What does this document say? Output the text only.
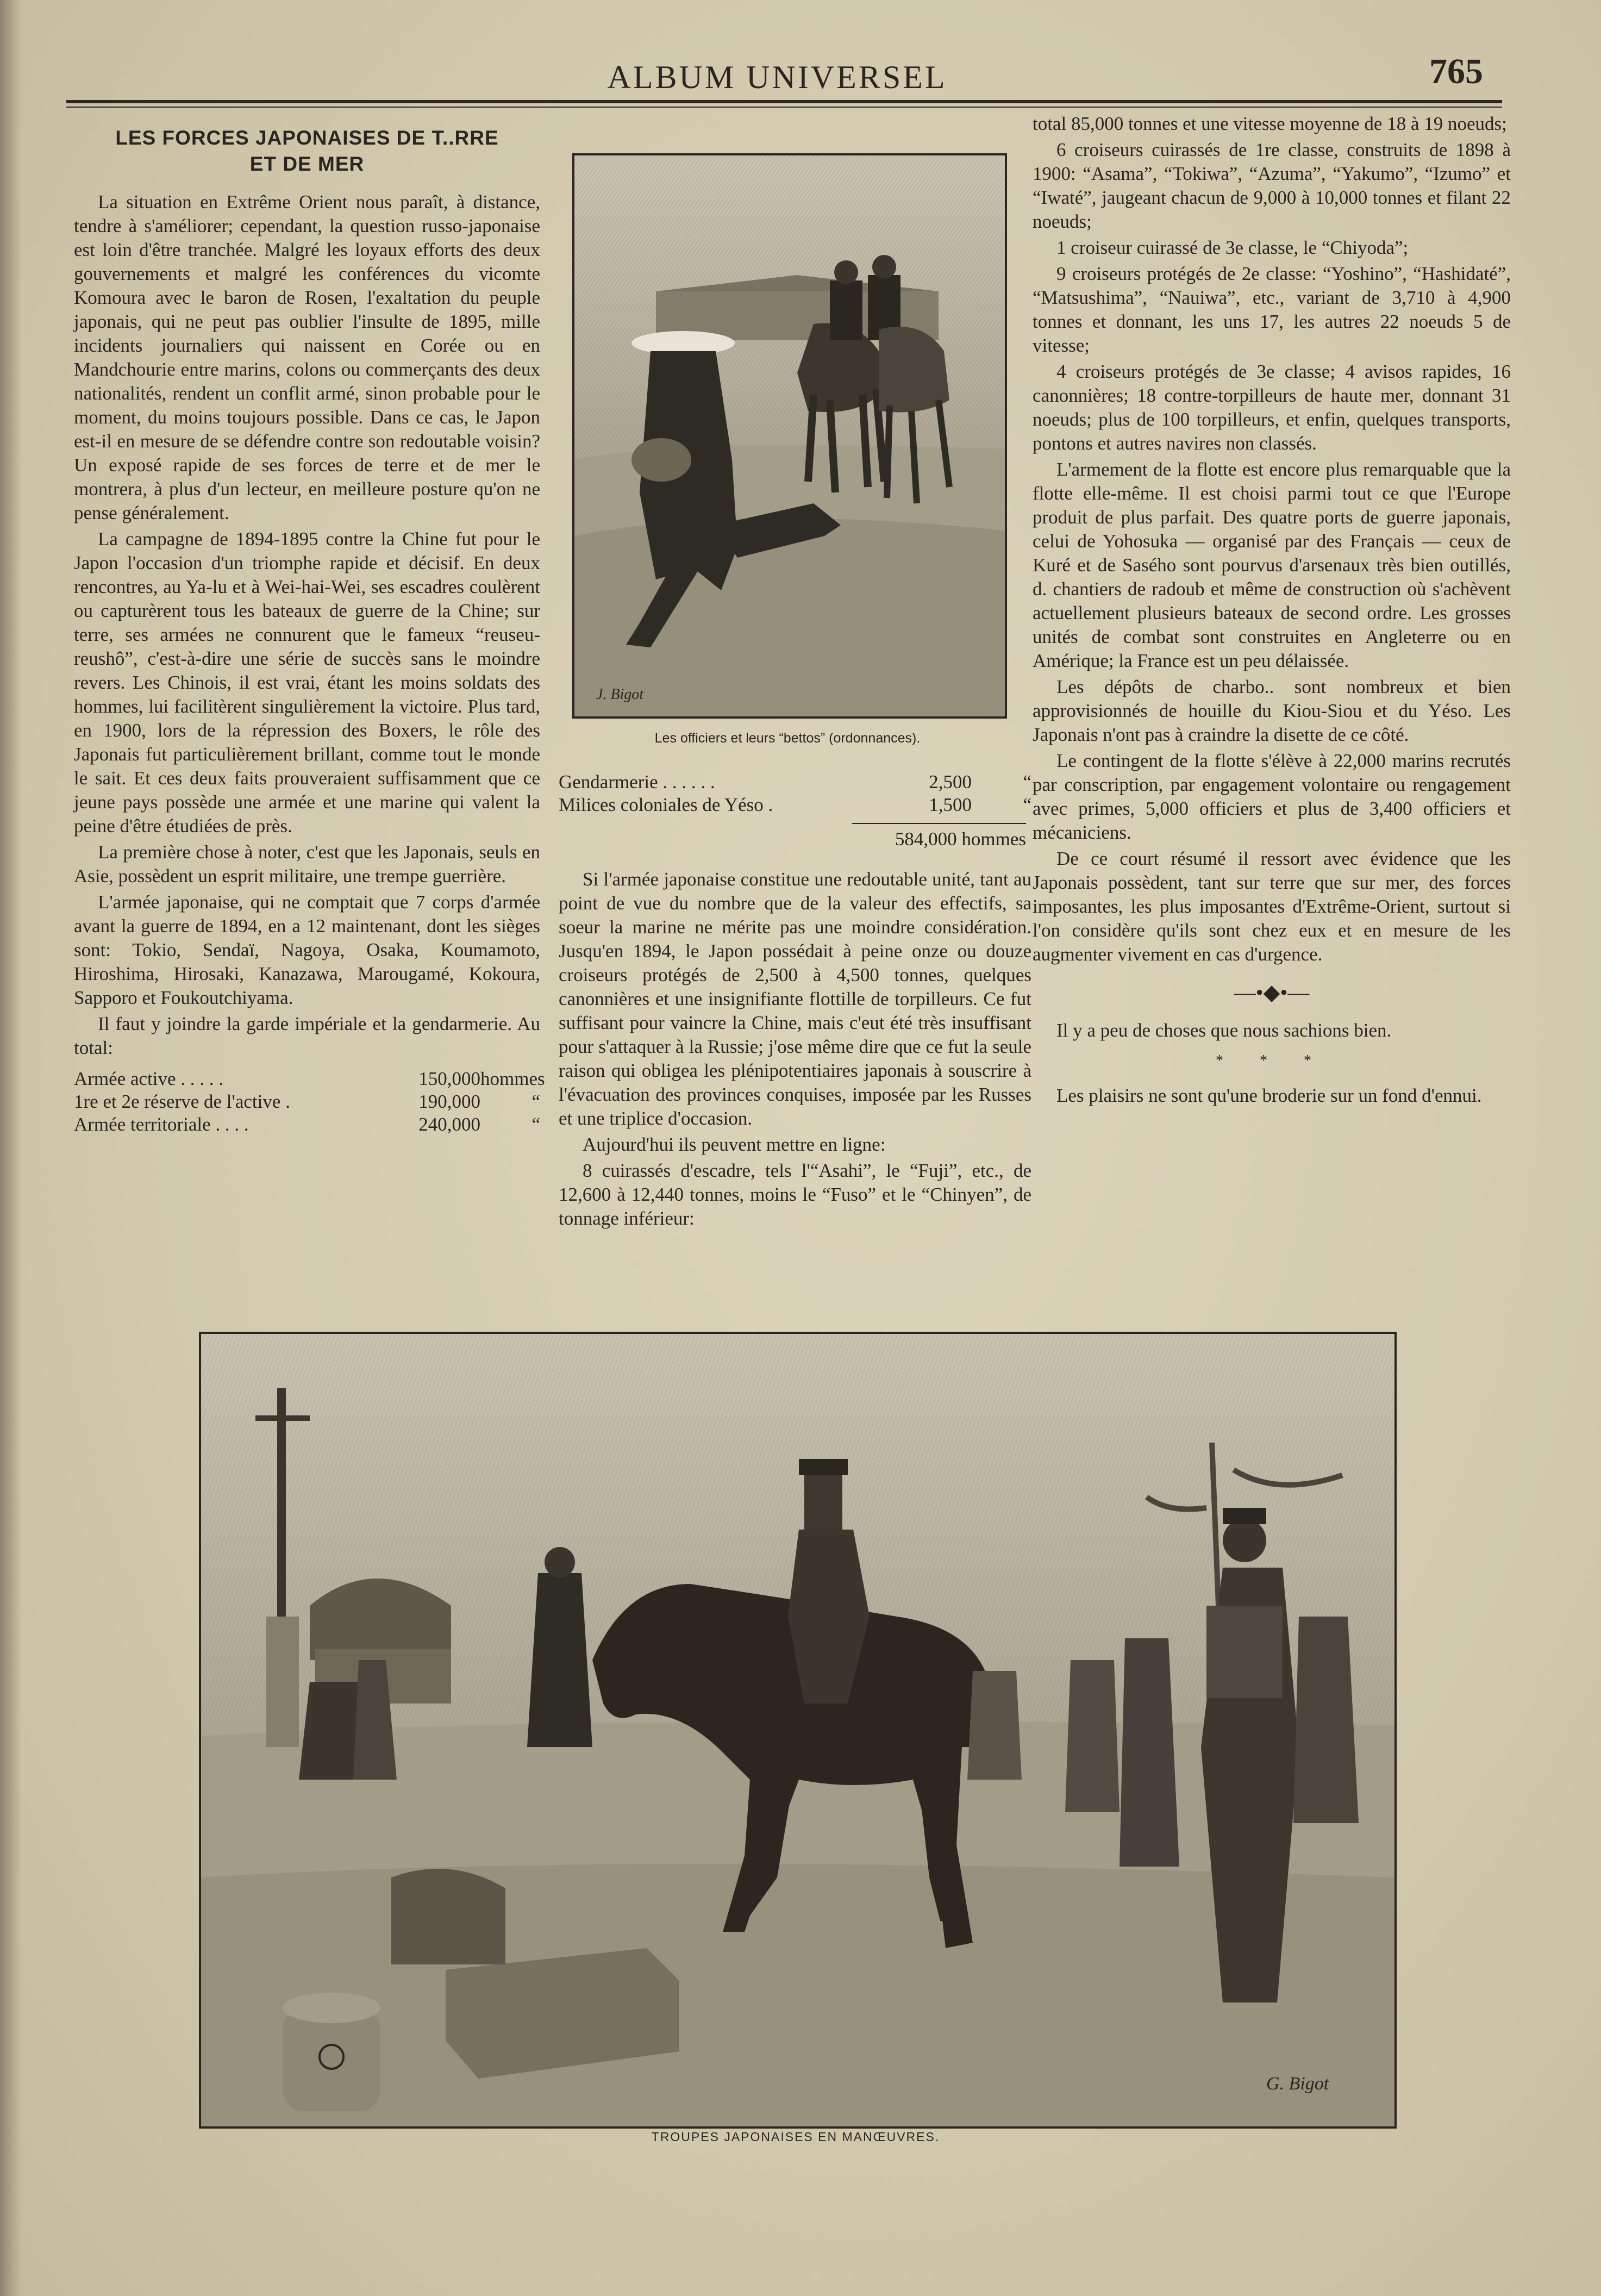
ALBUM UNIVERSEL	765
LES FORCES JAPONAISES DE T..RRE
ET DE MER

La situation en Extrême Orient nous paraît, à distance, tendre à s'améliorer; cependant, la question russo-japonaise est loin d'être tranchée. Malgré les loyaux efforts des deux gouvernements et malgré les conférences du vicomte Komoura avec le baron de Rosen, l'exaltation du peuple japonais, qui ne peut pas oublier l'insulte de 1895, mille incidents journaliers qui naissent en Corée ou en Mandchourie entre marins, colons ou commerçants des deux nationalités, rendent un conflit armé, sinon probable pour le moment, du moins toujours possible. Dans ce cas, le Japon est-il en mesure de se défendre contre son redoutable voisin? Un exposé rapide de ses forces de terre et de mer le montrera, à plus d'un lecteur, en meilleure posture qu'on ne pense généralement.

La campagne de 1894-1895 contre la Chine fut pour le Japon l'occasion d'un triomphe rapide et décisif. En deux rencontres, au Ya-lu et à Wei-hai-Wei, ses escadres coulèrent ou capturèrent tous les bateaux de guerre de la Chine; sur terre, ses armées ne connurent que le fameux “reuseu-reushô”, c'est-à-dire une série de succès sans le moindre revers. Les Chinois, il est vrai, étant les moins soldats des hommes, lui facilitèrent singulièrement la victoire. Plus tard, en 1900, lors de la répression des Boxers, le rôle des Japonais fut particulièrement brillant, comme tout le monde le sait. Et ces deux faits prouveraient suffisamment que ce jeune pays possède une armée et une marine qui valent la peine d'être étudiées de près.

La première chose à noter, c'est que les Japonais, seuls en Asie, possèdent un esprit militaire, une trempe guerrière.

L'armée japonaise, qui ne comptait que 7 corps d'armée avant la guerre de 1894, en a 12 maintenant, dont les sièges sont: Tokio, Sendaï, Nagoya, Osaka, Koumamoto, Hiroshima, Hirosaki, Kanazawa, Marougamé, Kokoura, Sapporo et Foukoutchiyama.

Il faut y joindre la garde impériale et la gendarmerie. Au total:

Armée active . . . . .	150,000 hommes
1re et 2e réserve de l'active .	190,000	“
Armée territoriale . . . .	240,000	“
J. Bigot
Les officiers et leurs “bettos” (ordonnances).
Gendarmerie . . . . . .	2,500	“
Milices coloniales de Yéso .	1,500	“
584,000 hommes

Si l'armée japonaise constitue une redoutable unité, tant au point de vue du nombre que de la valeur des effectifs, sa soeur la marine ne mérite pas une moindre considération. Jusqu'en 1894, le Japon possédait à peine onze ou douze croiseurs protégés de 2,500 à 4,500 tonnes, quelques canonnières et une insignifiante flottille de torpilleurs. Ce fut suffisant pour vaincre la Chine, mais c'eut été très insuffisant pour s'attaquer à la Russie; j'ose même dire que ce fut la seule raison qui obligea les plénipotentiaires japonais à souscrire à l'évacuation des provinces conquises, imposée par les Russes et une triplice d'occasion.

Aujourd'hui ils peuvent mettre en ligne:

8 cuirassés d'escadre, tels l'“Asahi”, le “Fuji”, etc., de 12,600 à 12,440 tonnes, moins le “Fuso” et le “Chinyen”, de tonnage inférieur:

total 85,000 tonnes et une vitesse moyenne de 18 à 19 noeuds;

6 croiseurs cuirassés de 1re classe, construits de 1898 à 1900: “Asama”, “Tokiwa”, “Azuma”, “Yakumo”, “Izumo” et “Iwaté”, jaugeant chacun de 9,000 à 10,000 tonnes et filant 22 noeuds;

1 croiseur cuirassé de 3e classe, le “Chiyoda”;

9 croiseurs protégés de 2e classe: “Yoshino”, “Hashidaté”, “Matsushima”, “Nauiwa”, etc., variant de 3,710 à 4,900 tonnes et donnant, les uns 17, les autres 22 noeuds 5 de vitesse;

4 croiseurs protégés de 3e classe; 4 avisos rapides, 16 canonnières; 18 contre-torpilleurs de haute mer, donnant 31 noeuds; plus de 100 torpilleurs, et enfin, quelques transports, pontons et autres navires non classés.

L'armement de la flotte est encore plus remarquable que la flotte elle-même. Il est choisi parmi tout ce que l'Europe produit de plus parfait. Des quatre ports de guerre japonais, celui de Yohosuka — organisé par des Français — ceux de Kuré et de Sasého sont pourvus d'arsenaux très bien outillés, d. chantiers de radoub et même de construction où s'achèvent actuellement plusieurs bateaux de second ordre. Les grosses unités de combat sont construites en Angleterre ou en Amérique; la France est un peu délaissée.

Les dépôts de charbo.. sont nombreux et bien approvisionnés de houille du Kiou-Siou et du Yéso. Les Japonais n'ont pas à craindre la disette de ce côté.

Le contingent de la flotte s'élève à 22,000 marins recrutés par conscription, par engagement volontaire ou rengagement avec primes, 5,000 officiers et plus de 3,400 officiers et mécaniciens.

De ce court résumé il ressort avec évidence que les Japonais possèdent, tant sur terre que sur mer, des forces imposantes, les plus imposantes d'Extrême-Orient, surtout si l'on considère qu'ils sont chez eux et en mesure de les augmenter vivement en cas d'urgence.

—•◆•—

Il y a peu de choses que nous sachions bien.

* * *

Les plaisirs ne sont qu'une broderie sur un fond d'ennui.

G. Bigot
TROUPES JAPONAISES EN MANŒUVRES.
